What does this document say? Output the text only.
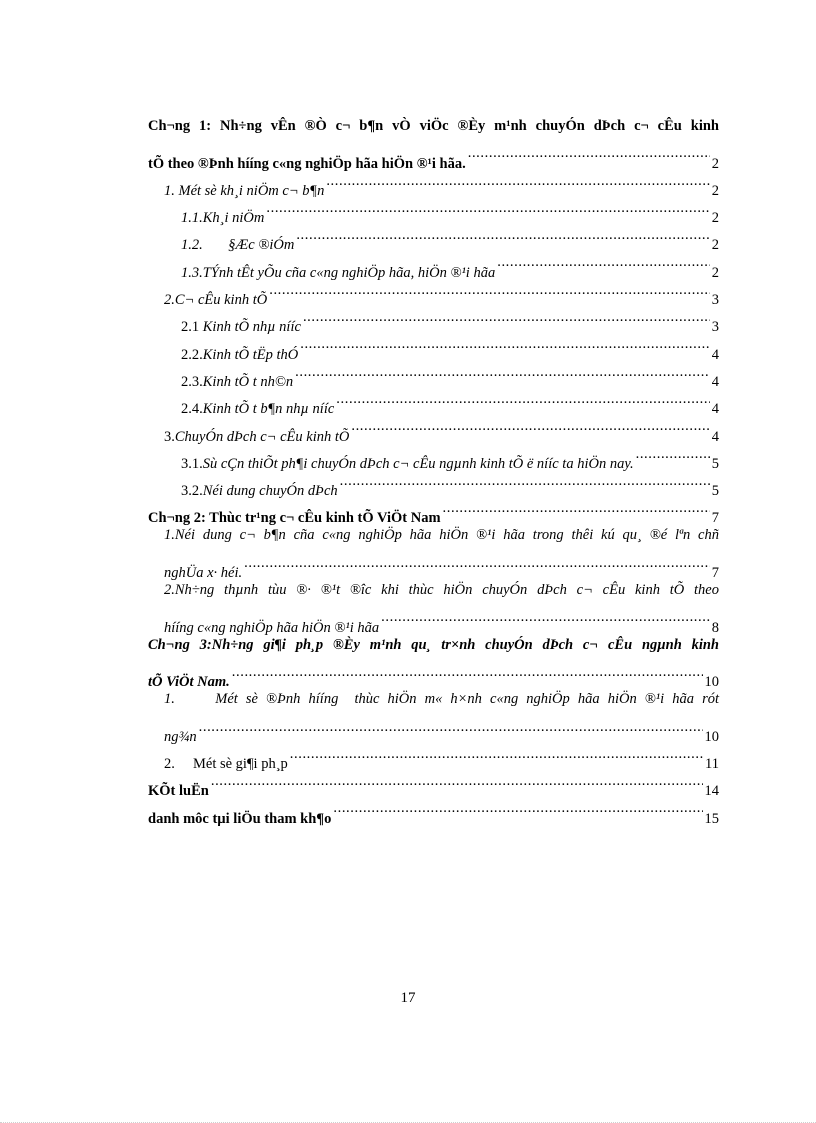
Ch¬ng 1: Nh÷ng vÊn ®Ò c¬ b¶n vÒ viÖc ®Èy m¹nh chuyÓn dÞch c¬ cÊu kinh
tÕ theo ®Þnh hííng c«ng nghiÖp hãa hiÖn ®¹i hãa. .....	2
1. Mét sè kh¸i niÖm c¬ b¶n .....	2
1.1.Kh¸i niÖm .....	2
1.2.       §Æc ®iÓm .....	2
1.3.TÝnh tÊt yÕu cña c«ng nghiÖp hãa, hiÖn ®¹i hãa .....	2
2.C¬ cÊu kinh tÕ .....	3
2.1 Kinh tÕ nhµ nííc .....	3
2.2.Kinh tÕ tËp thÓ .....	4
2.3.Kinh tÕ t nh©n .....	4
2.4.Kinh tÕ t b¶n nhµ nííc .....	4
3.ChuyÓn dÞch c¬ cÊu kinh tÕ .....	4
3.1.Sù cÇn thiÕt ph¶i chuyÓn dÞch c¬ cÊu ngµnh kinh tÕ ë nííc ta hiÖn nay. .....	5
3.2.Néi dung chuyÓn dÞch .....	5
Ch¬ng 2: Thùc tr¹ng c¬ cÊu kinh tÕ ViÖt Nam .....	7
1.Néi dung c¬ b¶n cña c«ng nghiÖp hãa hiÖn ®¹i hãa trong thêi kú qu¸ ®é lªn chñ
nghÜa x· héi. .....	7
2.Nh÷ng thµnh tùu ®· ®¹t ®îc khi thùc hiÖn chuyÓn dÞch c¬ cÊu kinh tÕ theo
hííng c«ng nghiÖp hãa hiÖn ®¹i hãa .....	8
Ch¬ng 3:Nh÷ng gi¶i ph¸p ®Èy m¹nh qu¸ tr×nh chuyÓn dÞch c¬ cÊu ngµnh kinh
tÕ ViÖt Nam. .....	10
1.     Mét sè ®Þnh hííng  thùc hiÖn m« h×nh c«ng nghiÖp hãa hiÖn ®¹i hãa rót
ng¾n .....	10
2.     Mét sè gi¶i ph¸p .....	11
KÕt luËn .....	14
danh môc tµi liÖu tham kh¶o .....	15
17
